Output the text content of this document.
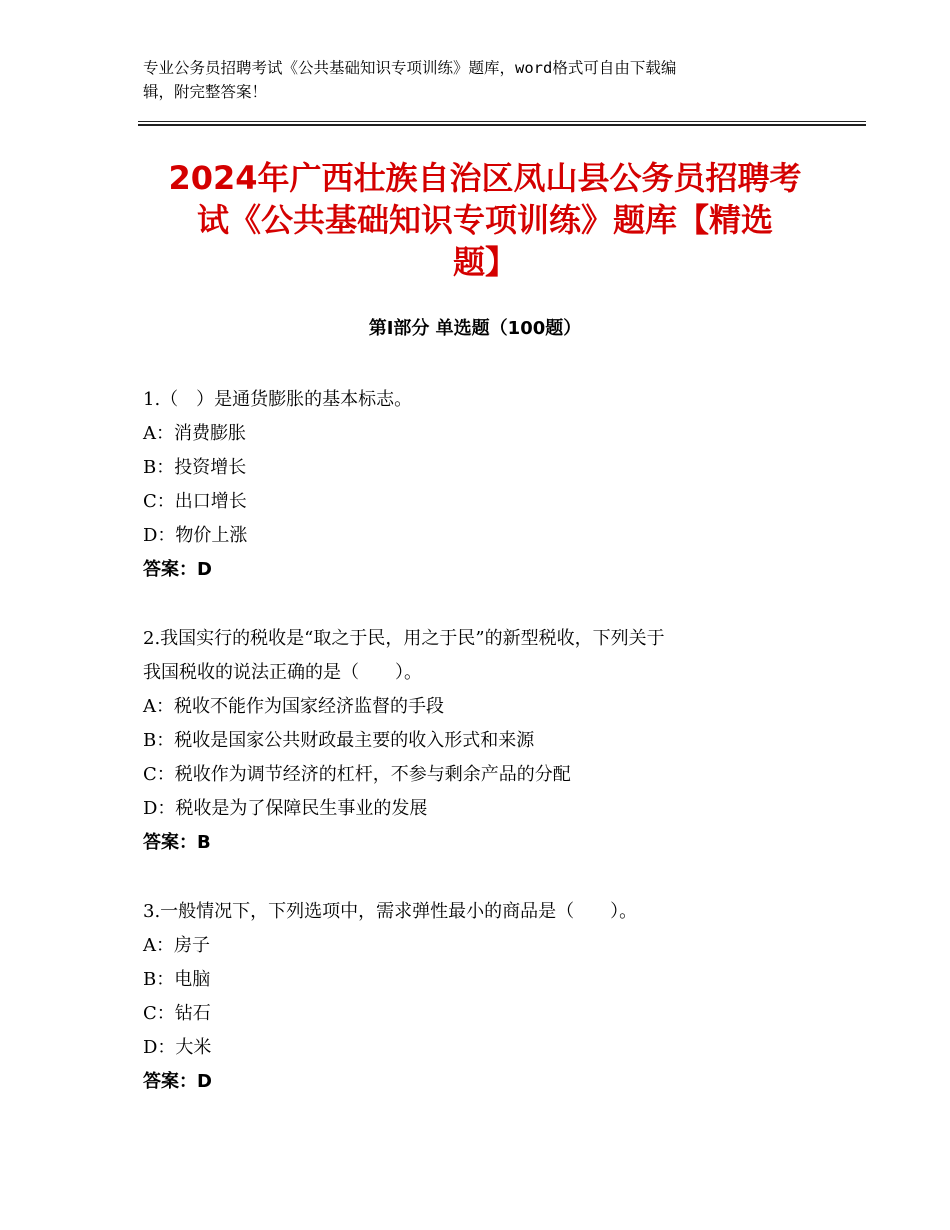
专业公务员招聘考试《公共基础知识专项训练》题库，word格式可自由下载编
辑，附完整答案！
2024年广西壮族自治区凤山县公务员招聘考
试《公共基础知识专项训练》题库【精选
题】
第Ⅰ部分 单选题（100题）
1.（　）是通货膨胀的基本标志。
A：消费膨胀
B：投资增长
C：出口增长
D：物价上涨
答案：D
2.我国实行的税收是“取之于民，用之于民”的新型税收，下列关于
我国税收的说法正确的是（　　）。
A：税收不能作为国家经济监督的手段
B：税收是国家公共财政最主要的收入形式和来源
C：税收作为调节经济的杠杆，不参与剩余产品的分配
D：税收是为了保障民生事业的发展
答案：B
3.一般情况下，下列选项中，需求弹性最小的商品是（　　）。
A：房子
B：电脑
C：钻石
D：大米
答案：D
